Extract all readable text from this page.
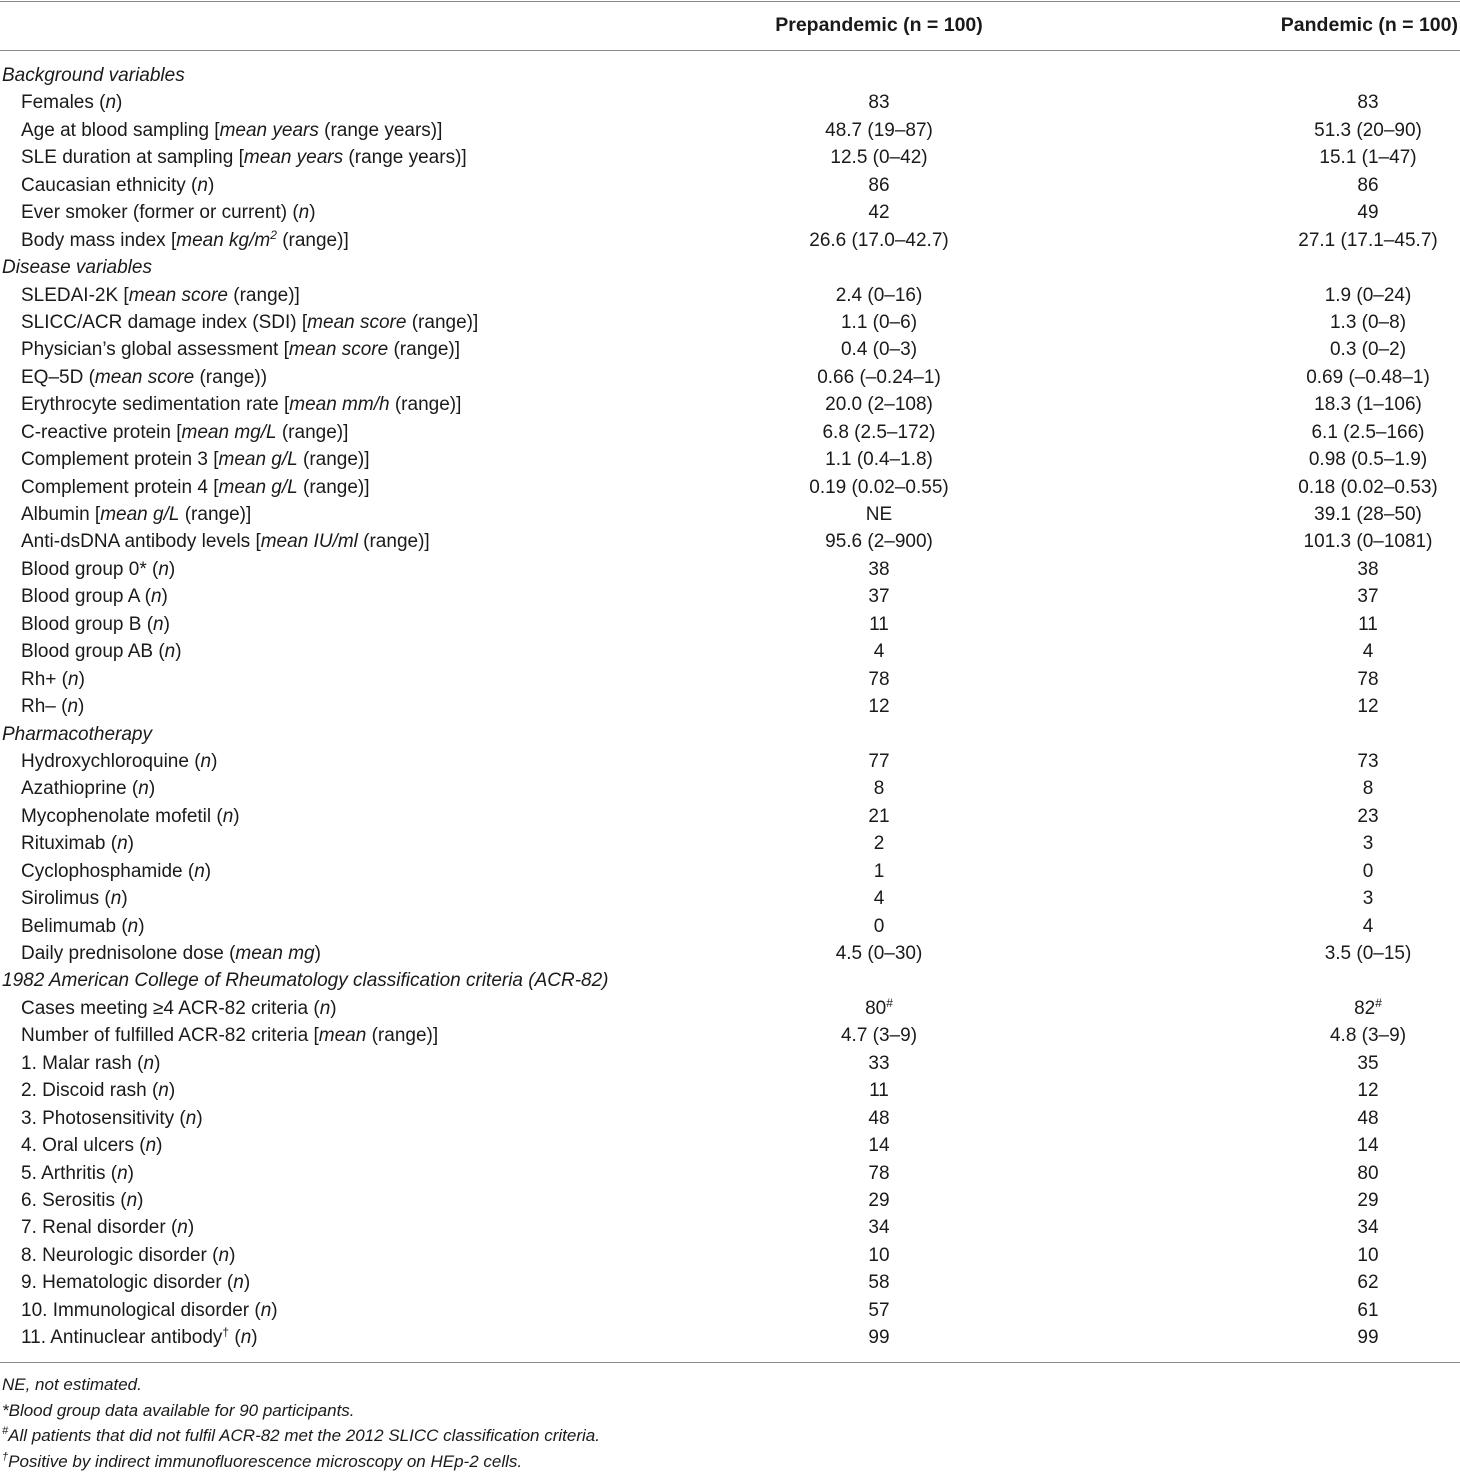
Prepandemic (n = 100)	Pandemic (n = 100)
Background variables
Females (n)	83	83
Age at blood sampling [mean years (range years)]	48.7 (19–87)	51.3 (20–90)
SLE duration at sampling [mean years (range years)]	12.5 (0–42)	15.1 (1–47)
Caucasian ethnicity (n)	86	86
Ever smoker (former or current) (n)	42	49
Body mass index [mean $kg/m^2$ (range)]	26.6 (17.0–42.7)	27.1 (17.1–45.7)
Disease variables
SLEDAI-2K [mean score (range)]	2.4 (0–16)	1.9 (0–24)
SLICC/ACR damage index (SDI) [mean score (range)]	1.1 (0–6)	1.3 (0–8)
Physician’s global assessment [mean score (range)]	0.4 (0–3)	0.3 (0–2)
EQ–5D (mean score (range))	0.66 (–0.24–1)	0.69 (–0.48–1)
Erythrocyte sedimentation rate [mean mm/h (range)]	20.0 (2–108)	18.3 (1–106)
C-reactive protein [mean mg/L (range)]	6.8 (2.5–172)	6.1 (2.5–166)
Complement protein 3 [mean g/L (range)]	1.1 (0.4–1.8)	0.98 (0.5–1.9)
Complement protein 4 [mean g/L (range)]	0.19 (0.02–0.55)	0.18 (0.02–0.53)
Albumin [mean g/L (range)]	NE	39.1 (28–50)
Anti-dsDNA antibody levels [mean IU/ml (range)]	95.6 (2–900)	101.3 (0–1081)
Blood group 0* (n)	38	38
Blood group A (n)	37	37
Blood group B (n)	11	11
Blood group AB (n)	4	4
Rh+ (n)	78	78
Rh– (n)	12	12
Pharmacotherapy
Hydroxychloroquine (n)	77	73
Azathioprine (n)	8	8
Mycophenolate mofetil (n)	21	23
Rituximab (n)	2	3
Cyclophosphamide (n)	1	0
Sirolimus (n)	4	3
Belimumab (n)	0	4
Daily prednisolone dose (mean mg)	4.5 (0–30)	3.5 (0–15)
1982 American College of Rheumatology classification criteria (ACR-82)
Cases meeting ≥4 ACR-82 criteria (n)	80#	82#
Number of fulfilled ACR-82 criteria [mean (range)]	4.7 (3–9)	4.8 (3–9)
1. Malar rash (n)	33	35
2. Discoid rash (n)	11	12
3. Photosensitivity (n)	48	48
4. Oral ulcers (n)	14	14
5. Arthritis (n)	78	80
6. Serositis (n)	29	29
7. Renal disorder (n)	34	34
8. Neurologic disorder (n)	10	10
9. Hematologic disorder (n)	58	62
10. Immunological disorder (n)	57	61
11. Antinuclear antibody† (n)	99	99
NE, not estimated.
*Blood group data available for 90 participants.
#All patients that did not fulfil ACR-82 met the 2012 SLICC classification criteria.
†Positive by indirect immunofluorescence microscopy on HEp-2 cells.
